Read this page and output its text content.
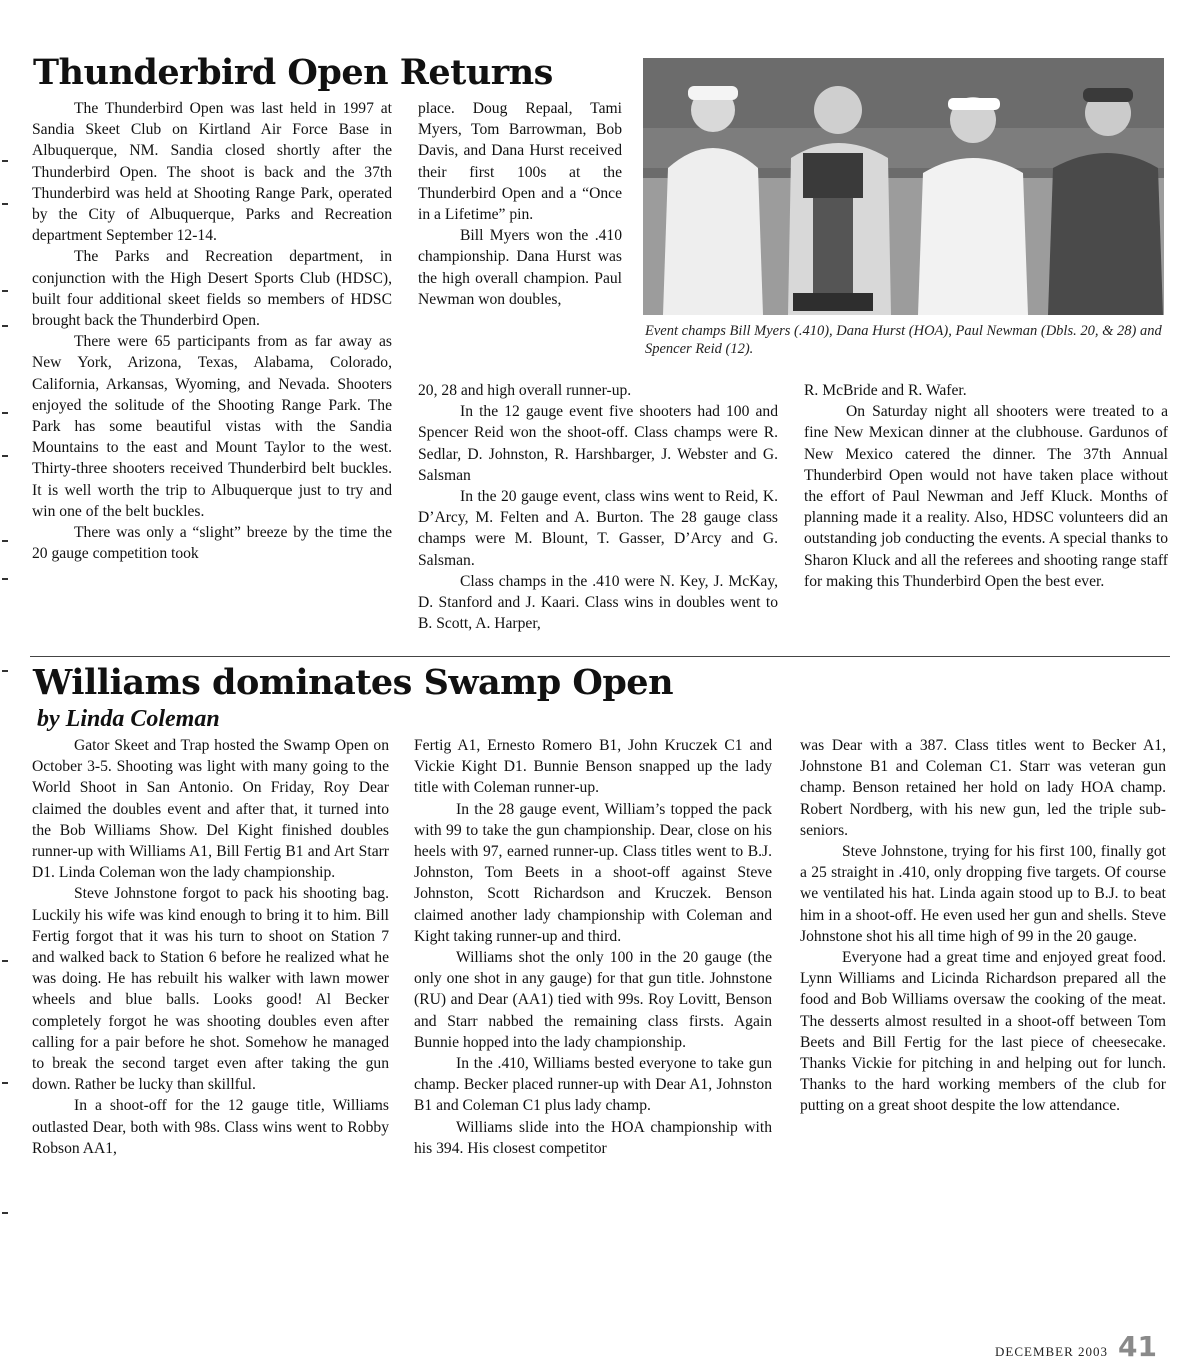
Thunderbird Open Returns

The Thunderbird Open was last held in 1997 at Sandia Skeet Club on Kirtland Air Force Base in Albuquerque, NM. Sandia closed shortly after the Thunderbird Open. The shoot is back and the 37th Thunderbird was held at Shooting Range Park, operated by the City of Albuquerque, Parks and Recreation department September 12-14.

The Parks and Recreation department, in conjunction with the High Desert Sports Club (HDSC), built four additional skeet fields so members of HDSC brought back the Thunderbird Open.

There were 65 participants from as far away as New York, Arizona, Texas, Alabama, Colorado, California, Arkansas, Wyoming, and Nevada. Shooters enjoyed the solitude of the Shooting Range Park. The Park has some beautiful vistas with the Sandia Mountains to the east and Mount Taylor to the west. Thirty-three shooters received Thunderbird belt buckles. It is well worth the trip to Albuquerque just to try and win one of the belt buckles.

There was only a “slight” breeze by the time the 20 gauge competition took

place. Doug Repaal, Tami Myers, Tom Barrowman, Bob Davis, and Dana Hurst received their first 100s at the Thunderbird Open and a “Once in a Lifetime” pin.

Bill Myers won the .410 championship. Dana Hurst was the high overall champion. Paul Newman won doubles,

20, 28 and high overall runner-up.

In the 12 gauge event five shooters had 100 and Spencer Reid won the shoot-off. Class champs were R. Sedlar, D. Johnston, R. Harshbarger, J. Webster and G. Salsman

In the 20 gauge event, class wins went to Reid, K. D’Arcy, M. Felten and A. Burton. The 28 gauge class champs were M. Blount, T. Gasser, D’Arcy and G. Salsman.

Class champs in the .410 were N. Key, J. McKay, D. Stanford and J. Kaari. Class wins in doubles went to B. Scott, A. Harper,

R. McBride and R. Wafer.

On Saturday night all shooters were treated to a fine New Mexican dinner at the clubhouse. Gardunos of New Mexico catered the dinner. The 37th Annual Thunderbird Open would not have taken place without the effort of Paul Newman and Jeff Kluck. Months of planning made it a reality. Also, HDSC volunteers did an outstanding job conducting the events. A special thanks to Sharon Kluck and all the referees and shooting range staff for making this Thunderbird Open the best ever.

Event champs Bill Myers (.410), Dana Hurst (HOA), Paul Newman (Dbls. 20, & 28) and Spencer Reid (12).

Williams dominates Swamp Open

by Linda Coleman

Gator Skeet and Trap hosted the Swamp Open on October 3-5. Shooting was light with many going to the World Shoot in San Antonio. On Friday, Roy Dear claimed the doubles event and after that, it turned into the Bob Williams Show. Del Kight finished doubles runner-up with Williams A1, Bill Fertig B1 and Art Starr D1. Linda Coleman won the lady championship.

Steve Johnstone forgot to pack his shooting bag. Luckily his wife was kind enough to bring it to him. Bill Fertig forgot that it was his turn to shoot on Station 7 and walked back to Station 6 before he realized what he was doing. He has rebuilt his walker with lawn mower wheels and blue balls. Looks good! Al Becker completely forgot he was shooting doubles even after calling for a pair before he shot. Somehow he managed to break the second target even after taking the gun down. Rather be lucky than skillful.

In a shoot-off for the 12 gauge title, Williams outlasted Dear, both with 98s. Class wins went to Robby Robson AA1,

Fertig A1, Ernesto Romero B1, John Kruczek C1 and Vickie Kight D1. Bunnie Benson snapped up the lady title with Coleman runner-up.

In the 28 gauge event, William’s topped the pack with 99 to take the gun championship. Dear, close on his heels with 97, earned runner-up. Class titles went to B.J. Johnston, Tom Beets in a shoot-off against Steve Johnston, Scott Richardson and Kruczek. Benson claimed another lady championship with Coleman and Kight taking runner-up and third.

Williams shot the only 100 in the 20 gauge (the only one shot in any gauge) for that gun title. Johnstone (RU) and Dear (AA1) tied with 99s. Roy Lovitt, Benson and Starr nabbed the remaining class firsts. Again Bunnie hopped into the lady championship.

In the .410, Williams bested everyone to take gun champ. Becker placed runner-up with Dear A1, Johnston B1 and Coleman C1 plus lady champ.

Williams slide into the HOA championship with his 394. His closest competitor

was Dear with a 387. Class titles went to Becker A1, Johnstone B1 and Coleman C1. Starr was veteran gun champ. Benson retained her hold on lady HOA champ. Robert Nordberg, with his new gun, led the triple sub-seniors.

Steve Johnstone, trying for his first 100, finally got a 25 straight in .410, only dropping five targets. Of course we ventilated his hat. Linda again stood up to B.J. to beat him in a shoot-off. He even used her gun and shells. Steve Johnstone shot his all time high of 99 in the 20 gauge.

Everyone had a great time and enjoyed great food. Lynn Williams and Licinda Richardson prepared all the food and Bob Williams oversaw the cooking of the meat. The desserts almost resulted in a shoot-off between Tom Beets and Bill Fertig for the last piece of cheesecake. Thanks Vickie for pitching in and helping out for lunch. Thanks to the hard working members of the club for putting on a great shoot despite the low attendance.

DECEMBER 2003 41
